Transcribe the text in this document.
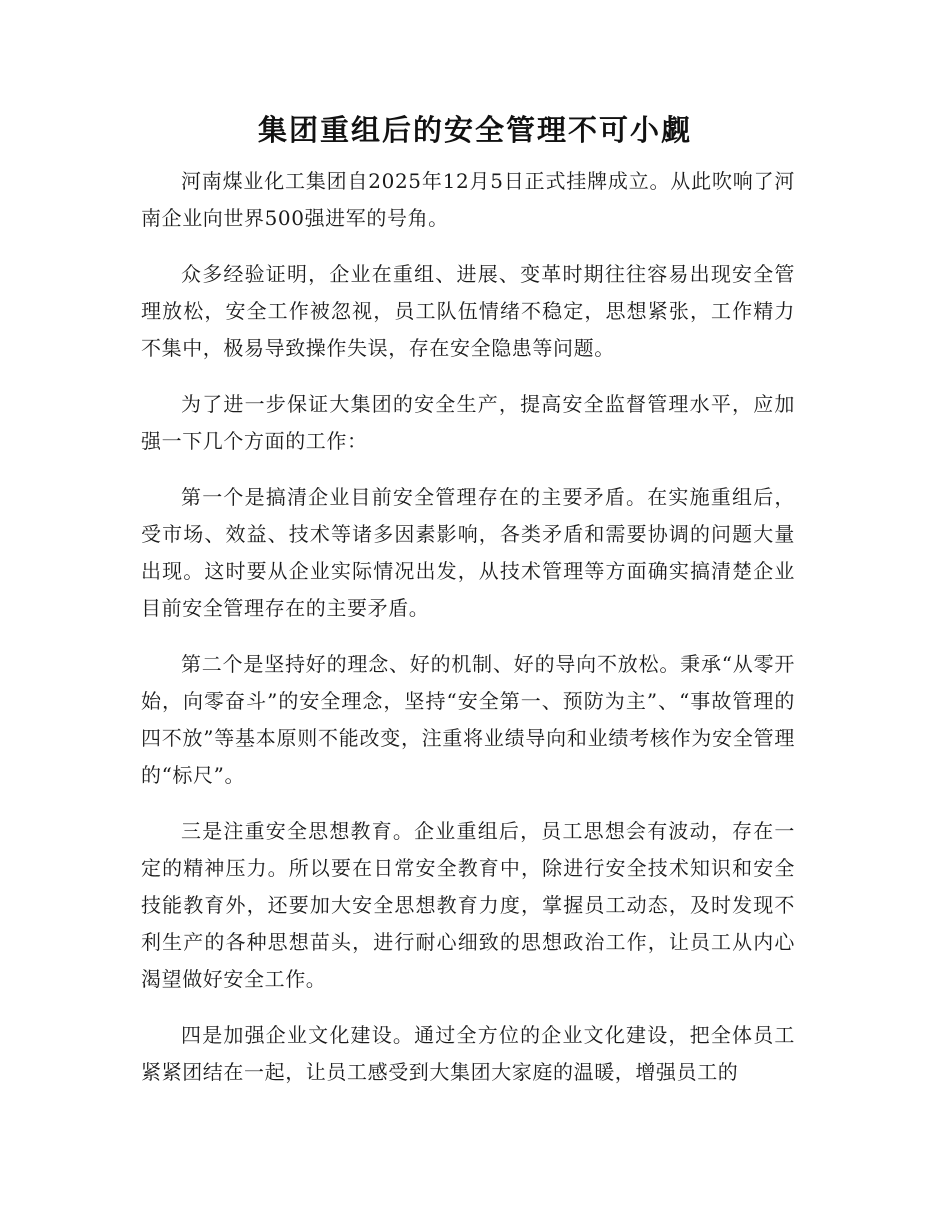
集团重组后的安全管理不可小觑

河南煤业化工集团自2025年12月5日正式挂牌成立。从此吹响了河南企业向世界500强进军的号角。

众多经验证明，企业在重组、进展、变革时期往往容易出现安全管理放松，安全工作被忽视，员工队伍情绪不稳定，思想紧张，工作精力不集中，极易导致操作失误，存在安全隐患等问题。

为了进一步保证大集团的安全生产，提高安全监督管理水平，应加强一下几个方面的工作：

第一个是搞清企业目前安全管理存在的主要矛盾。在实施重组后，受市场、效益、技术等诸多因素影响，各类矛盾和需要协调的问题大量出现。这时要从企业实际情况出发，从技术管理等方面确实搞清楚企业目前安全管理存在的主要矛盾。

第二个是坚持好的理念、好的机制、好的导向不放松。秉承“从零开始，向零奋斗”的安全理念，坚持“安全第一、预防为主”、“事故管理的四不放”等基本原则不能改变，注重将业绩导向和业绩考核作为安全管理的“标尺”。

三是注重安全思想教育。企业重组后，员工思想会有波动，存在一定的精神压力。所以要在日常安全教育中，除进行安全技术知识和安全技能教育外，还要加大安全思想教育力度，掌握员工动态，及时发现不利生产的各种思想苗头，进行耐心细致的思想政治工作，让员工从内心渴望做好安全工作。

四是加强企业文化建设。通过全方位的企业文化建设，把全体员工紧紧团结在一起，让员工感受到大集团大家庭的温暖，增强员工的
